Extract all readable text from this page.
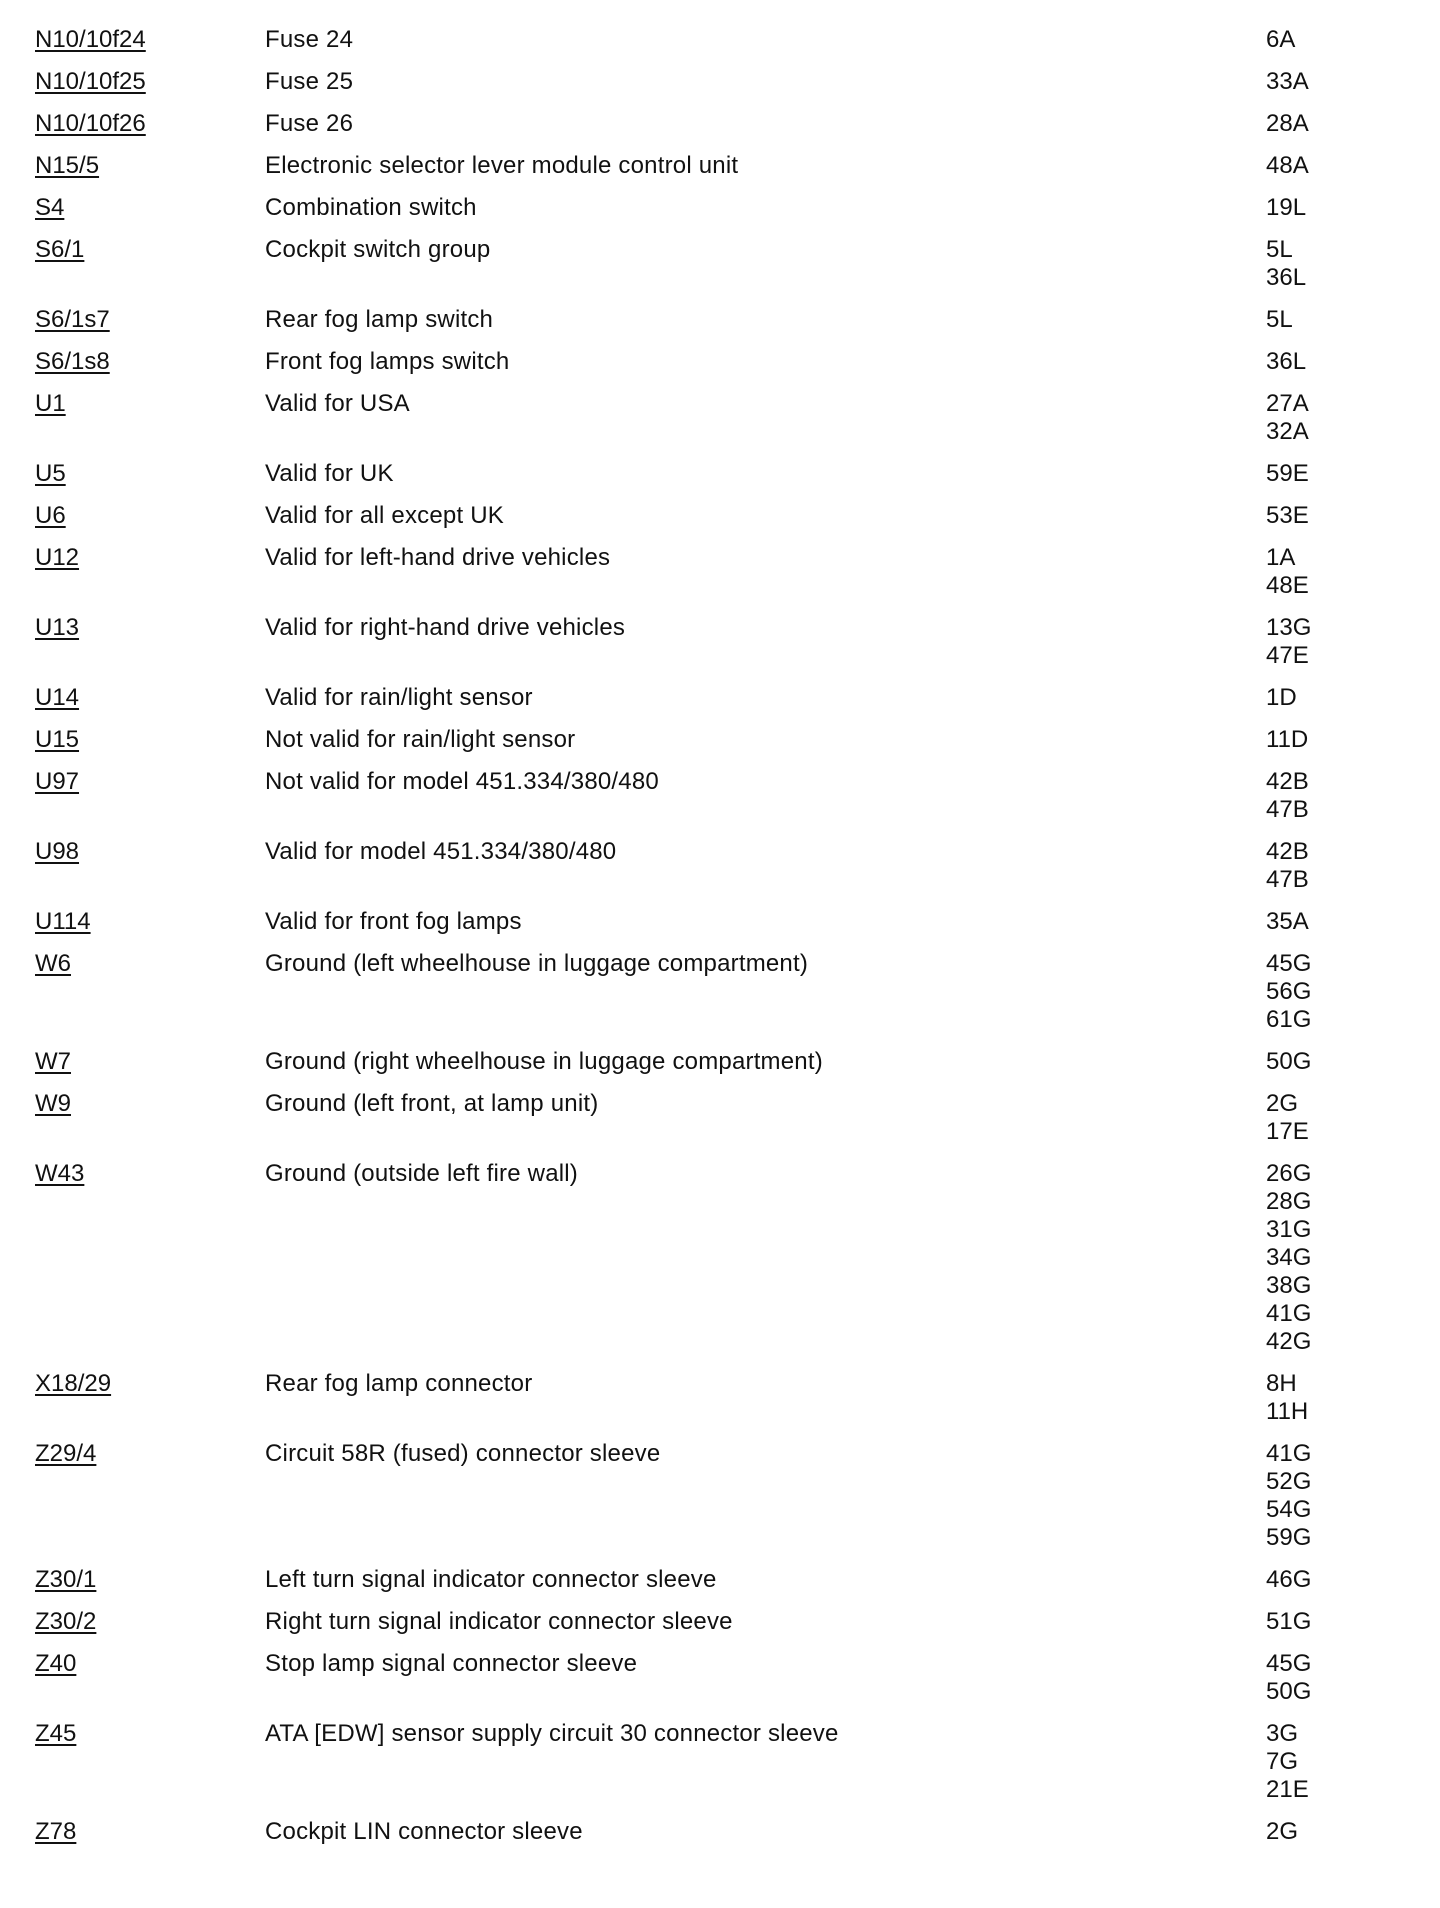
N10/10f24	Fuse 24	6A
N10/10f25	Fuse 25	33A
N10/10f26	Fuse 26	28A
N15/5	Electronic selector lever module control unit	48A
S4	Combination switch	19L
S6/1	Cockpit switch group	5L
36L
S6/1s7	Rear fog lamp switch	5L
S6/1s8	Front fog lamps switch	36L
U1	Valid for USA	27A
32A
U5	Valid for UK	59E
U6	Valid for all except UK	53E
U12	Valid for left-hand drive vehicles	1A
48E
U13	Valid for right-hand drive vehicles	13G
47E
U14	Valid for rain/light sensor	1D
U15	Not valid for rain/light sensor	11D
U97	Not valid for model 451.334/380/480	42B
47B
U98	Valid for model 451.334/380/480	42B
47B
U114	Valid for front fog lamps	35A
W6	Ground (left wheelhouse in luggage compartment)	45G
56G
61G
W7	Ground (right wheelhouse in luggage compartment)	50G
W9	Ground (left front, at lamp unit)	2G
17E
W43	Ground (outside left fire wall)	26G
28G
31G
34G
38G
41G
42G
X18/29	Rear fog lamp connector	8H
11H
Z29/4	Circuit 58R (fused) connector sleeve	41G
52G
54G
59G
Z30/1	Left turn signal indicator connector sleeve	46G
Z30/2	Right turn signal indicator connector sleeve	51G
Z40	Stop lamp signal connector sleeve	45G
50G
Z45	ATA [EDW] sensor supply circuit 30 connector sleeve	3G
7G
21E
Z78	Cockpit LIN connector sleeve	2G
